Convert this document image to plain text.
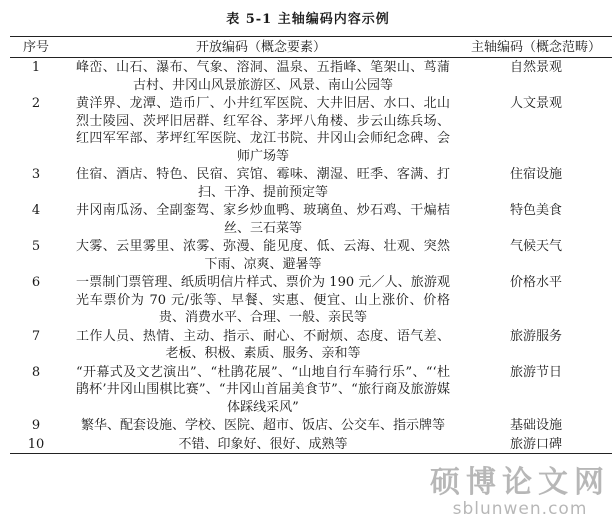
表 5-1 主轴编码内容示例
序号	开放编码（概念要素）	主轴编码（概念范畴）
1	峰峦、山石、瀑布、气象、溶洞、温泉、五指峰、笔架山、茑蒲古村、井冈山风景旅游区、风景、南山公园等	自然景观
2	黄洋界、龙潭、造币厂、小井红军医院、大井旧居、水口、北山烈士陵园、茨坪旧居群、红军谷、茅坪八角楼、步云山练兵场、红四军军部、茅坪红军医院、龙江书院、井冈山会师纪念碑、会师广场等	人文景观
3	住宿、酒店、特色、民宿、宾馆、霉味、潮湿、旺季、客满、打扫、干净、提前预定等	住宿设施
4	井冈南瓜汤、全副銮驾、家乡炒血鸭、玻璃鱼、炒石鸡、干煸桔丝、三石菜等	特色美食
5	大雾、云里雾里、浓雾、弥漫、能见度、低、云海、壮观、突然下雨、凉爽、避暑等	气候天气
6	一票制门票管理、纸质明信片样式、票价为 190 元／人、旅游观光车票价为 70 元/张等、早餐、实惠、便宜、山上涨价、价格贵、消费水平、合理、一般、亲民等	价格水平
7	工作人员、热情、主动、指示、耐心、不耐烦、态度、语气差、老板、积极、素质、服务、亲和等	旅游服务
8	“开幕式及文艺演出”、“杜鹃花展”、“山地自行车骑行乐”、“‘杜鹃杯’井冈山围棋比赛”、“井冈山首届美食节”、“旅行商及旅游媒体踩线采风”	旅游节日
9	繁华、配套设施、学校、医院、超市、饭店、公交车、指示牌等	基础设施
10	不错、印象好、很好、成熟等	旅游口碑
硕博论文网
sblunwen.com
